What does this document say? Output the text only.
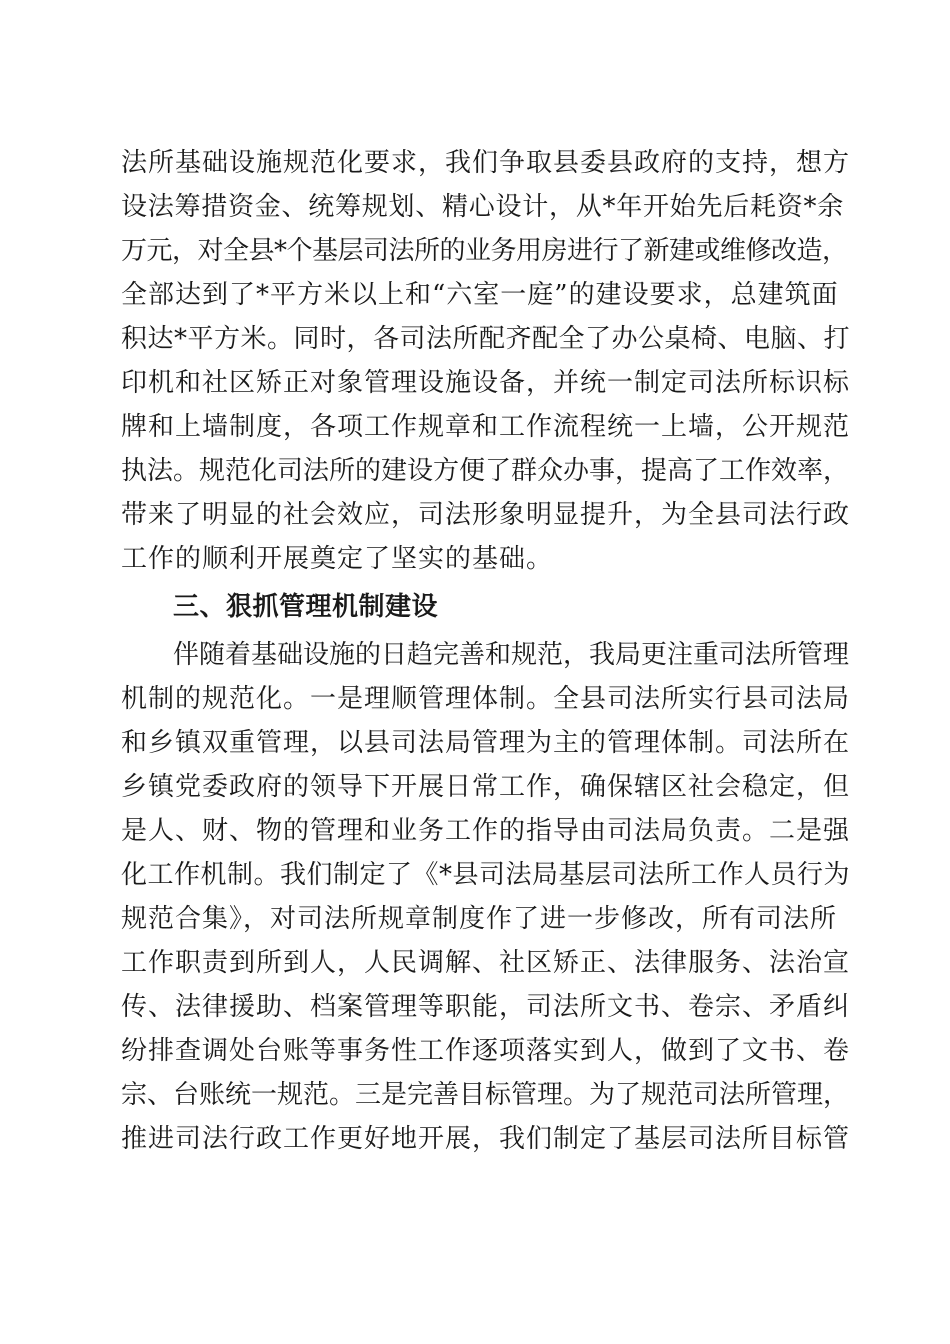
法所基础设施规范化要求，我们争取县委县政府的支持，想方
设法筹措资金、统筹规划、精心设计，从*年开始先后耗资*余
万元，对全县*个基层司法所的业务用房进行了新建或维修改造，
全部达到了*平方米以上和“六室一庭”的建设要求，总建筑面
积达*平方米。同时，各司法所配齐配全了办公桌椅、电脑、打
印机和社区矫正对象管理设施设备，并统一制定司法所标识标
牌和上墙制度，各项工作规章和工作流程统一上墙，公开规范
执法。规范化司法所的建设方便了群众办事，提高了工作效率，
带来了明显的社会效应，司法形象明显提升，为全县司法行政
工作的顺利开展奠定了坚实的基础。
三、狠抓管理机制建设
伴随着基础设施的日趋完善和规范，我局更注重司法所管理
机制的规范化。一是理顺管理体制。全县司法所实行县司法局
和乡镇双重管理，以县司法局管理为主的管理体制。司法所在
乡镇党委政府的领导下开展日常工作，确保辖区社会稳定，但
是人、财、物的管理和业务工作的指导由司法局负责。二是强
化工作机制。我们制定了《*县司法局基层司法所工作人员行为
规范合集》，对司法所规章制度作了进一步修改，所有司法所
工作职责到所到人，人民调解、社区矫正、法律服务、法治宣
传、法律援助、档案管理等职能，司法所文书、卷宗、矛盾纠
纷排查调处台账等事务性工作逐项落实到人，做到了文书、卷
宗、台账统一规范。三是完善目标管理。为了规范司法所管理，
推进司法行政工作更好地开展，我们制定了基层司法所目标管
